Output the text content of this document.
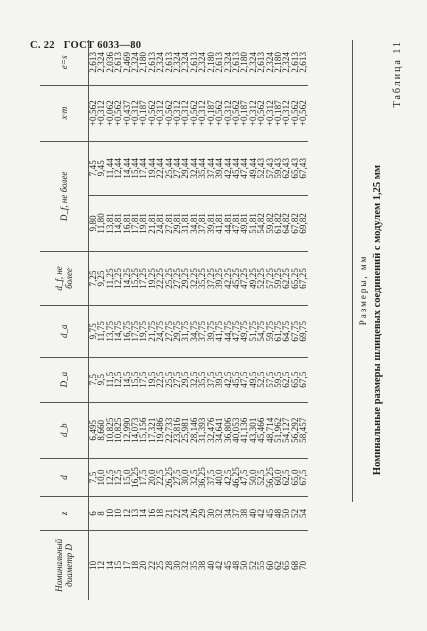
С. 22 ГОСТ 6033—80
Номинальный диаметр D	z	d	d_b	D_a	d_a	d_f, не более	D_f, не более		x·m	e=s
10	6	7,5	6,495	7,5	9,75	7,25	9,80	7,45	+0,562	2,613
12	8	10,0	8,660	9,5	11,75	9,25	11,80	9,45	+0,312	2,324
14	10	12,5	10,825	11,5	13,75	11,25	13,81	11,44	+0,062	2,036
15	10	12,5	10,825	12,5	14,75	12,25	14,81	12,44	+0,562	2,613
17	12	15,0	12,990	14,5	16,75	14,25	16,81	14,44	+0,437	2,469
18	13	16,25	14,073	15,5	17,75	15,25	17,81	15,44	+0,312	2,324
20	14	17,5	15,156	17,5	19,75	17,25	19,81	17,44	+0,187	2,180
22	16	20,0	17,321	19,5	21,75	19,25	21,81	19,44	+0,562	2,613
25	18	22,5	19,486	22,5	24,75	22,25	24,81	22,44	+0,312	2,324
28	21	26,25	22,733	25,5	27,75	25,25	27,81	25,44	+0,562	2,613
30	22	27,5	23,816	27,5	29,75	27,25	29,81	27,44	+0,312	2,324
32	24	30,0	25,981	29,5	31,75	29,25	31,81	29,44	+0,312	2,324
35	26	32,5	28,146	32,5	34,75	32,25	34,81	32,44	+0,562	2,613
38	29	36,25	31,393	35,5	37,75	35,25	37,81	35,44	+0,312	2,324
40	30	37,5	32,476	37,5	39,75	37,25	39,81	37,44	+0,187	2,180
42	32	40,0	34,641	39,5	41,75	39,25	41,81	39,44	+0,562	2,613
45	34	42,5	36,806	42,5	44,75	42,25	44,81	42,44	+0,312	2,324
48	37	46,25	40,053	45,5	47,75	45,25	47,81	45,44	+0,562	2,613
50	38	47,5	41,136	47,5	49,75	47,25	49,81	47,44	+0,187	2,180
52	40	50,0	43,301	49,5	51,75	49,25	51,81	49,44	+0,312	2,324
55	42	52,5	45,466	52,5	54,75	52,25	54,82	52,43	+0,562	2,613
60	45	56,25	48,714	57,5	59,75	57,25	59,82	57,43	+0,312	2,324
62	48	60,0	51,962	59,5	61,75	59,25	61,82	59,43	+0,187	2,180
65	50	62,5	54,127	62,5	64,75	62,25	64,82	62,43	+0,312	2,324
68	52	65,0	56,292	65,5	67,75	65,25	67,82	65,43	+0,562	2,613
70	54	67,5	58,457	67,5	69,75	67,25	69,82	67,43	+0,562	2,613	Таблица 11
Номинальные размеры шлицевых соединений с модулем 1,25 мм
Размеры, мм
